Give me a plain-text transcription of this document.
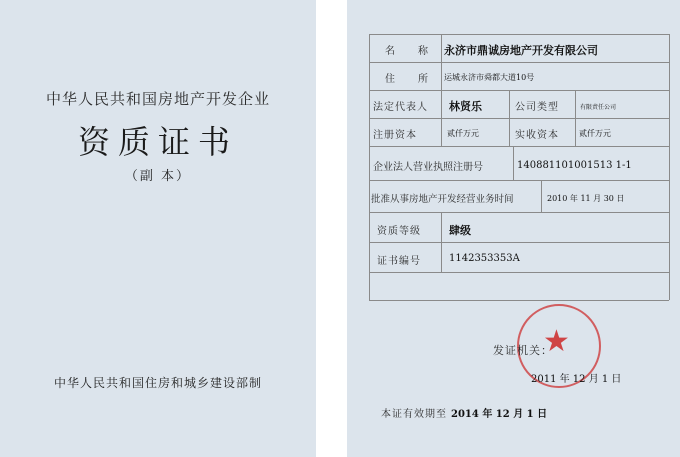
中华人民共和国房地产开发企业
资质证书
（副 本）
中华人民共和国住房和城乡建设部制
名　　称 永济市鼎诚房地产开发有限公司
住　　所 运城永济市舜都大道10号
法定代表人 林贤乐	公司类型	有限责任公司
注册资本	贰仟万元	实收资本	贰仟万元
企业法人营业执照注册号	140881101001513 1-1
批准从事房地产开发经营业务时间	2010 年 11 月 30 日
资质等级	肆级
证书编号	1142353353A
★
发证机关：
2011 年 12 月 1 日
本证有效期至 2014 年 12 月 1 日
